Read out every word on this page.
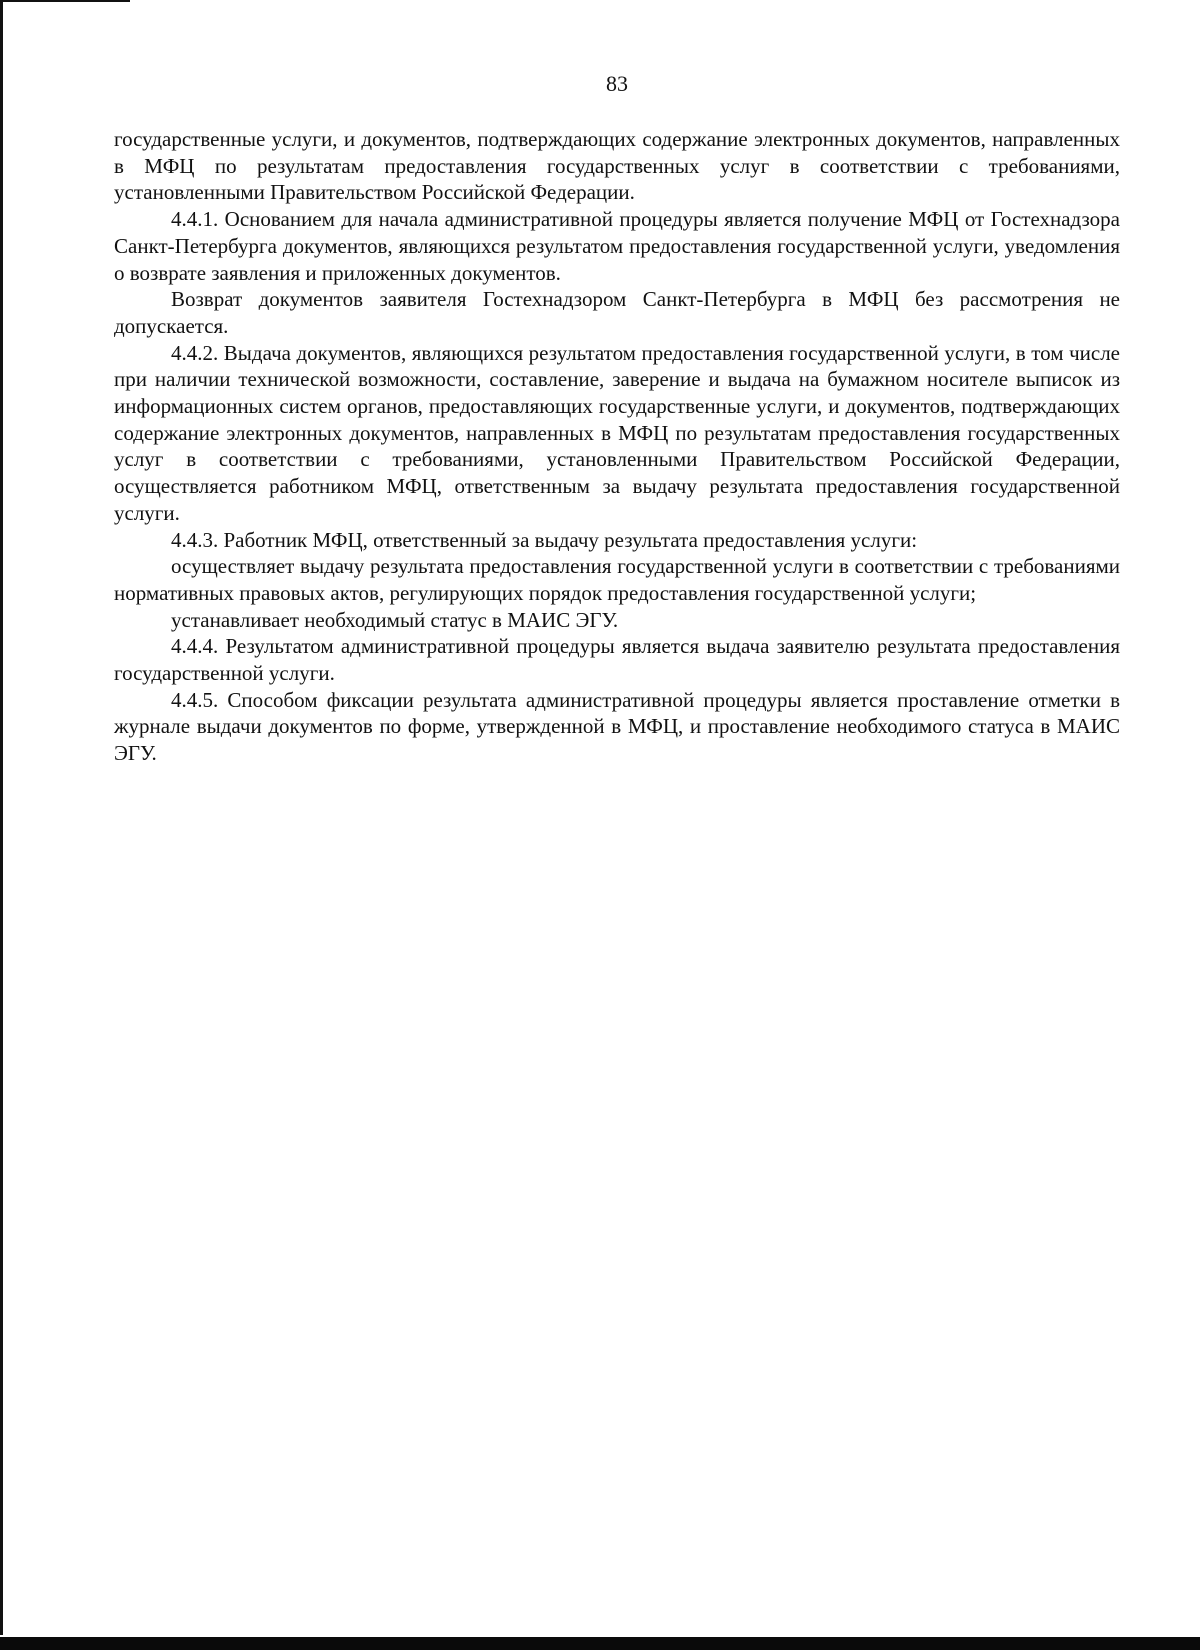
83

государственные услуги, и документов, подтверждающих содержание электронных документов, направленных в МФЦ по результатам предоставления государственных услуг в соответствии с требованиями, установленными Правительством Российской Федерации.

4.4.1. Основанием для начала административной процедуры является получение МФЦ от Гостехнадзора Санкт-Петербурга документов, являющихся результатом предоставления государственной услуги, уведомления о возврате заявления и приложенных документов.

Возврат документов заявителя Гостехнадзором Санкт-Петербурга в МФЦ без рассмотрения не допускается.

4.4.2. Выдача документов, являющихся результатом предоставления государственной услуги, в том числе при наличии технической возможности, составление, заверение и выдача на бумажном носителе выписок из информационных систем органов, предоставляющих государственные услуги, и документов, подтверждающих содержание электронных документов, направленных в МФЦ по результатам предоставления государственных услуг в соответствии с требованиями, установленными Правительством Российской Федерации, осуществляется работником МФЦ, ответственным за выдачу результата предоставления государственной услуги.

4.4.3. Работник МФЦ, ответственный за выдачу результата предоставления услуги:

осуществляет выдачу результата предоставления государственной услуги в соответствии с требованиями нормативных правовых актов, регулирующих порядок предоставления государственной услуги;

устанавливает необходимый статус в МАИС ЭГУ.

4.4.4. Результатом административной процедуры является выдача заявителю результата предоставления государственной услуги.

4.4.5. Способом фиксации результата административной процедуры является проставление отметки в журнале выдачи документов по форме, утвержденной в МФЦ, и проставление необходимого статуса в МАИС ЭГУ.
